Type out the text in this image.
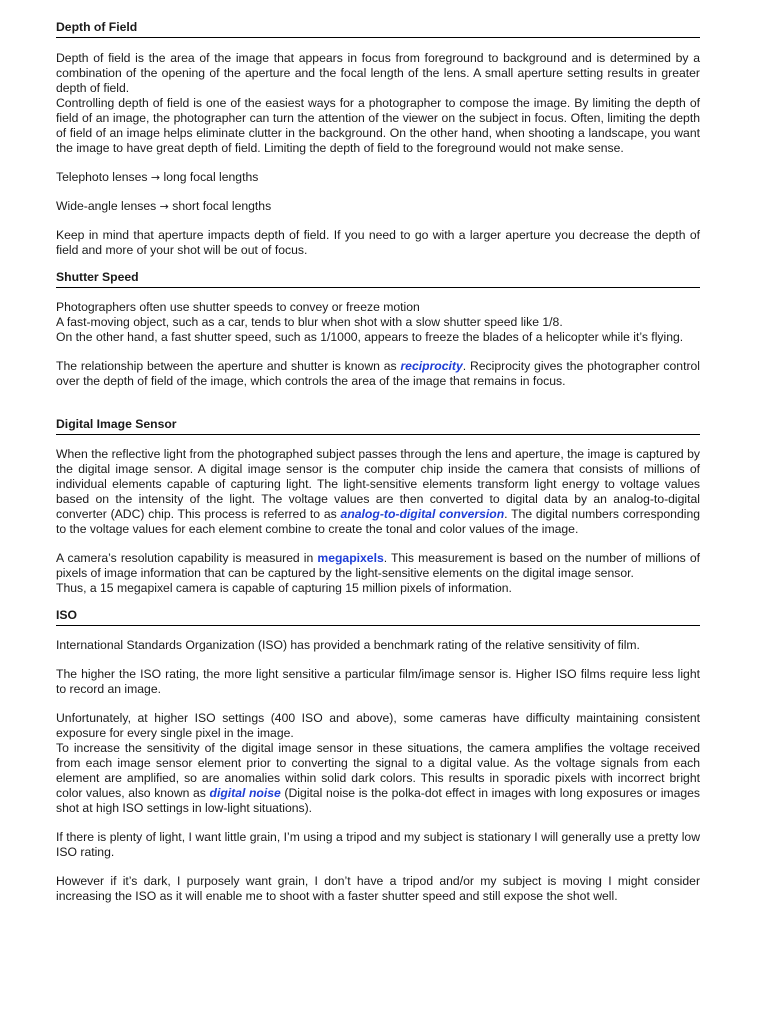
Depth of Field

Depth of field is the area of the image that appears in focus from foreground to background and is determined by a combination of the opening of the aperture and the focal length of the lens. A small aperture setting results in greater depth of field.

Controlling depth of field is one of the easiest ways for a photographer to compose the image. By limiting the depth of field of an image, the photographer can turn the attention of the viewer on the subject in focus. Often, limiting the depth of field of an image helps eliminate clutter in the background. On the other hand, when shooting a landscape, you want the image to have great depth of field. Limiting the depth of field to the foreground would not make sense.

Telephoto lenses → long focal lengths

Wide-angle lenses → short focal lengths

Keep in mind that aperture impacts depth of field. If you need to go with a larger aperture you decrease the depth of field and more of your shot will be out of focus.

Shutter Speed

Photographers often use shutter speeds to convey or freeze motion

A fast-moving object, such as a car, tends to blur when shot with a slow shutter speed like 1/8.

On the other hand, a fast shutter speed, such as 1/1000, appears to freeze the blades of a helicopter while it’s flying.

The relationship between the aperture and shutter is known as reciprocity. Reciprocity gives the photographer control over the depth of field of the image, which controls the area of the image that remains in focus.

Digital Image Sensor

When the reflective light from the photographed subject passes through the lens and aperture, the image is captured by the digital image sensor. A digital image sensor is the computer chip inside the camera that consists of millions of individual elements capable of capturing light. The light-sensitive elements transform light energy to voltage values based on the intensity of the light. The voltage values are then converted to digital data by an analog-to-digital converter (ADC) chip. This process is referred to as analog-to-digital conversion. The digital numbers corresponding to the voltage values for each element combine to create the tonal and color values of the image.

A camera’s resolution capability is measured in megapixels. This measurement is based on the number of millions of pixels of image information that can be captured by the light-sensitive elements on the digital image sensor.

Thus, a 15 megapixel camera is capable of capturing 15 million pixels of information.

ISO

International Standards Organization (ISO) has provided a benchmark rating of the relative sensitivity of film.

The higher the ISO rating, the more light sensitive a particular film/image sensor is. Higher ISO films require less light to record an image.

Unfortunately, at higher ISO settings (400 ISO and above), some cameras have difficulty maintaining consistent exposure for every single pixel in the image.

To increase the sensitivity of the digital image sensor in these situations, the camera amplifies the voltage received from each image sensor element prior to converting the signal to a digital value. As the voltage signals from each element are amplified, so are anomalies within solid dark colors. This results in sporadic pixels with incorrect bright color values, also known as digital noise (Digital noise is the polka-dot effect in images with long exposures or images shot at high ISO settings in low-light situations).

If there is plenty of light, I want little grain, I’m using a tripod and my subject is stationary I will generally use a pretty low ISO rating.

However if it’s dark, I purposely want grain, I don’t have a tripod and/or my subject is moving I might consider increasing the ISO as it will enable me to shoot with a faster shutter speed and still expose the shot well.
